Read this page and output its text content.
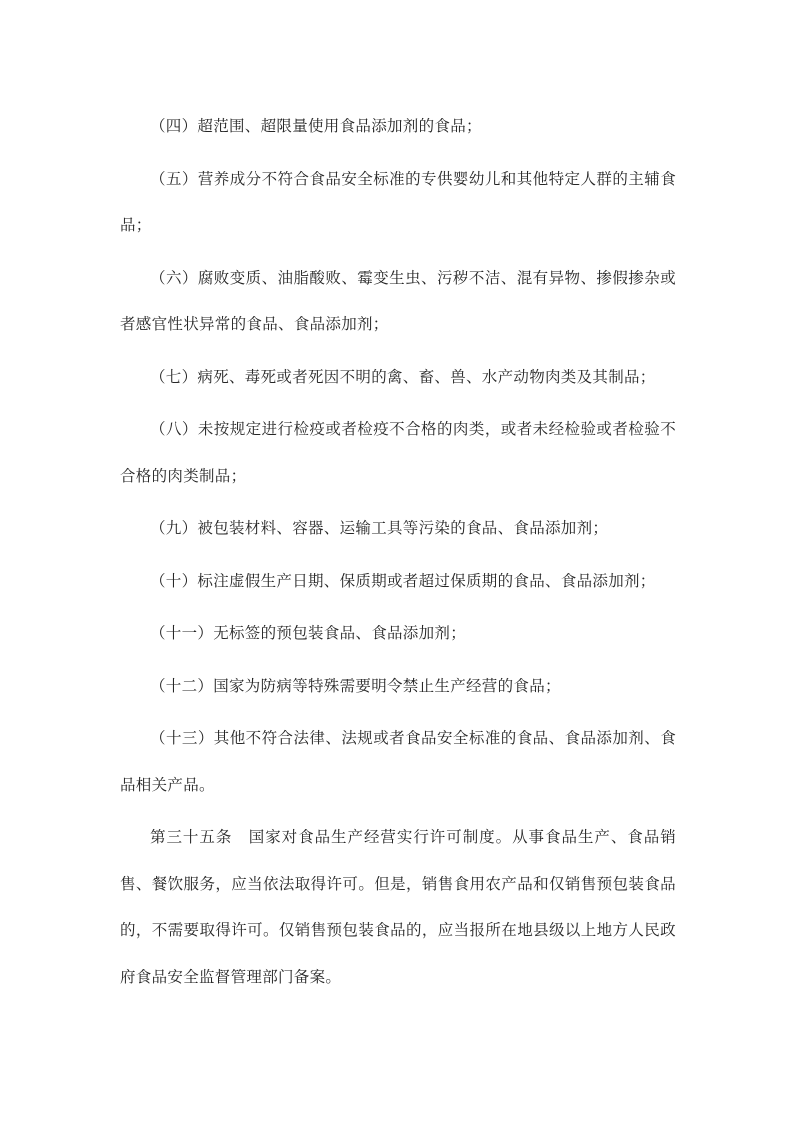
（四）超范围、超限量使用食品添加剂的食品；

（五）营养成分不符合食品安全标准的专供婴幼儿和其他特定人群的主辅食品；

（六）腐败变质、油脂酸败、霉变生虫、污秽不洁、混有异物、掺假掺杂或者感官性状异常的食品、食品添加剂；

（七）病死、毒死或者死因不明的禽、畜、兽、水产动物肉类及其制品；

（八）未按规定进行检疫或者检疫不合格的肉类，或者未经检验或者检验不合格的肉类制品；

（九）被包装材料、容器、运输工具等污染的食品、食品添加剂；

（十）标注虚假生产日期、保质期或者超过保质期的食品、食品添加剂；

（十一）无标签的预包装食品、食品添加剂；

（十二）国家为防病等特殊需要明令禁止生产经营的食品；

（十三）其他不符合法律、法规或者食品安全标准的食品、食品添加剂、食品相关产品。

第三十五条　国家对食品生产经营实行许可制度。从事食品生产、食品销售、餐饮服务，应当依法取得许可。但是，销售食用农产品和仅销售预包装食品的，不需要取得许可。仅销售预包装食品的，应当报所在地县级以上地方人民政府食品安全监督管理部门备案。
